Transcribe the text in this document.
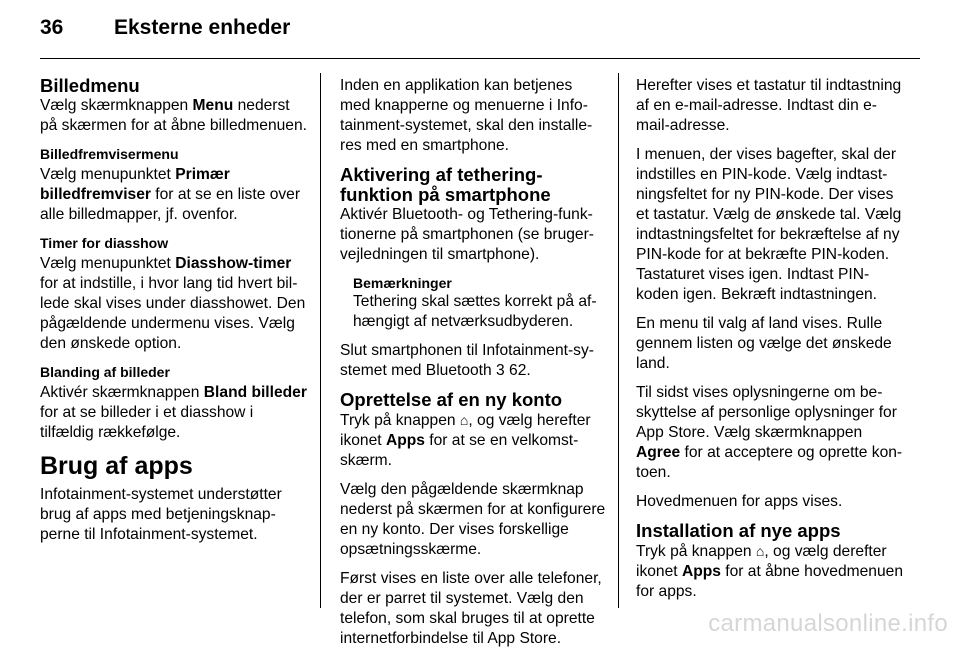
36	Eksterne enheder
Billedmenu

Vælg skærmknappen Menu nederst på skærmen for at åbne billedmenuen.

Billedfremvisermenu

Vælg menupunktet Primær billedfremviser for at se en liste over alle billedmapper, jf. ovenfor.

Timer for diasshow

Vælg menupunktet Diasshow-timer for at indstille, i hvor lang tid hvert billede skal vises under diasshowet. Den pågældende undermenu vises. Vælg den ønskede option.

Blanding af billeder

Aktivér skærmknappen Bland billeder for at se billeder i et diasshow i tilfældig rækkefølge.

Brug af apps

Infotainment-systemet understøtter brug af apps med betjeningsknapperne til Infotainment-systemet.

Inden en applikation kan betjenes med knapperne og menuerne i Infotainment-systemet, skal den installeres med en smartphone.

Aktivering af tethering-funktion på smartphone

Aktivér Bluetooth- og Tethering-funktionerne på smartphonen (se brugervejledningen til smartphone).

Bemærkninger

Tethering skal sættes korrekt på afhængigt af netværksudbyderen.

Slut smartphonen til Infotainment-systemet med Bluetooth 3 62.

Oprettelse af en ny konto

Tryk på knappen ⌂, og vælg herefter ikonet Apps for at se en velkomstskærm.

Vælg den pågældende skærmknap nederst på skærmen for at konfigurere en ny konto. Der vises forskellige opsætningsskærme.

Først vises en liste over alle telefoner, der er parret til systemet. Vælg den telefon, som skal bruges til at oprette internetforbindelse til App Store.

Herefter vises et tastatur til indtastning af en e-mail-adresse. Indtast din e-mail-adresse.

I menuen, der vises bagefter, skal der indstilles en PIN-kode. Vælg indtastningsfeltet for ny PIN-kode. Der vises et tastatur. Vælg de ønskede tal. Vælg indtastningsfeltet for bekræftelse af ny PIN-kode for at bekræfte PIN-koden. Tastaturet vises igen. Indtast PIN-koden igen. Bekræft indtastningen.

En menu til valg af land vises. Rulle gennem listen og vælge det ønskede land.

Til sidst vises oplysningerne om beskyttelse af personlige oplysninger for App Store. Vælg skærmknappen Agree for at acceptere og oprette kontoen.

Hovedmenuen for apps vises.

Installation af nye apps

Tryk på knappen ⌂, og vælg derefter ikonet Apps for at åbne hovedmenuen for apps.

carmanualsonline.info
